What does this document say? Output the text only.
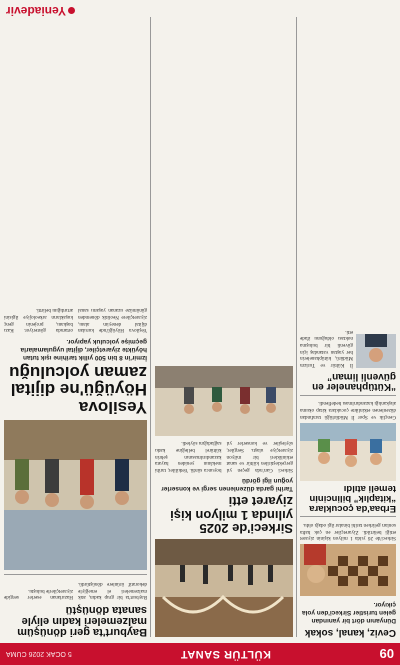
09
KÜLTÜR SANAT
5 OCAK 2026 CUMA
Ceviz, kanal, sokak
Dünyanın dört bir yanından gelen turistler Sirkeci'den yola çıkıyor.
Sirkeci'de 26 yılda 1 milyon kişinin ziyaret ettiği belirtildi. Ziyaretçiler en çok hafta sonları gelirken tarihi binalar ilgi odağı oldu.
Erbaa'da çocuklara “kitaplık” bilincinin temeli atıldı
Gençlik ve Spor İl Müdürlüğü tarafından düzenlenen etkinlikte çocuklara kitap okuma alışkanlığı kazandırılması hedeflendi.
“Kütüphaneler en güvenli liman”
İl Kültür ve Turizm Müdürü, kütüphanelerin her yaştan vatandaş için güvenli bir buluşma noktası olduğunu ifade etti.
Sirkeci'de 2025 yılında 1 milyon kişi ziyaret etti
Tarihi garda düzenlenen sergi ve konserler yoğun ilgi gördü
Sirkeci Garı'nda geçen yıl gerçekleştirilen kültür ve sanat etkinlikleri bir milyon ziyaretçiye ulaştı. Sergiler, söyleşiler ve konserler yıl boyunca sürdü. Yetkililer, tarihi mekânın yeniden hayata kazandırılmasının şehrin kültürel belleğine katkı sağladığını söyledi.
Bayburt'ta geri dönüşüm malzemeleri kadın eliyle sanata dönüştü
Bayburt'ta bir grup kadın, atık malzemeleri el emeğiyle dekoratif ürünlere dönüştürdü. Hazırlanan eserler sergide ziyaretçilerle buluştu.
Yesilova Höyüğü'ne dijital zaman yolculuğu
İzmir'in 8 bin 500 yıllık tarihine ışık tutan höyükte ziyaretçiler, dijital uygulamalarla geçmişe yolculuk yapıyor.
Yeşilova Höyüğü'nde kurulan dijital deneyim alanı, ziyaretçilere Neolitik dönemden günümüze uzanan yaşamı sanal ortamda gösteriyor. Kazı başkanı, projenin genç kuşakların arkeolojiye ilgisini artırdığını belirtti.
Yeniadevir
